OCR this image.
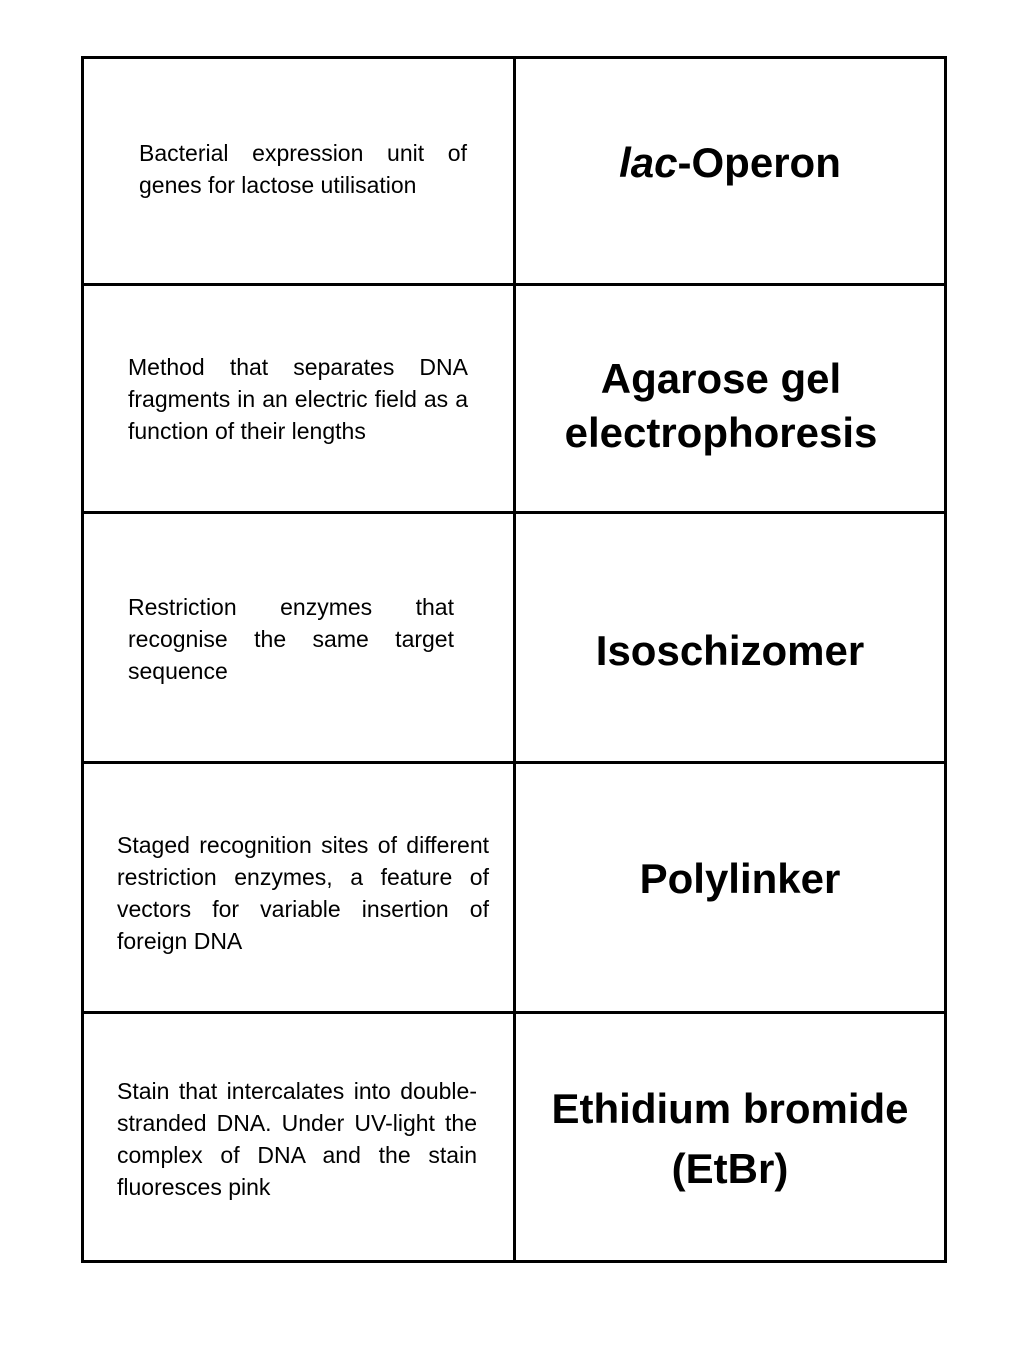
Bacterial expression unit of genes for lactose utilisation	lac-Operon
Method that separates DNA fragments in an electric field as a function of their lengths
Agarose gel electrophoresis
Restriction enzymes that recognise the same target sequence	Isoschizomer
Staged recognition sites of different restriction enzymes, a feature of vectors for variable insertion of foreign DNA
Polylinker
Stain that intercalates into double-stranded DNA. Under UV-light the complex of DNA and the stain fluoresces pink
Ethidium bromide (EtBr)
